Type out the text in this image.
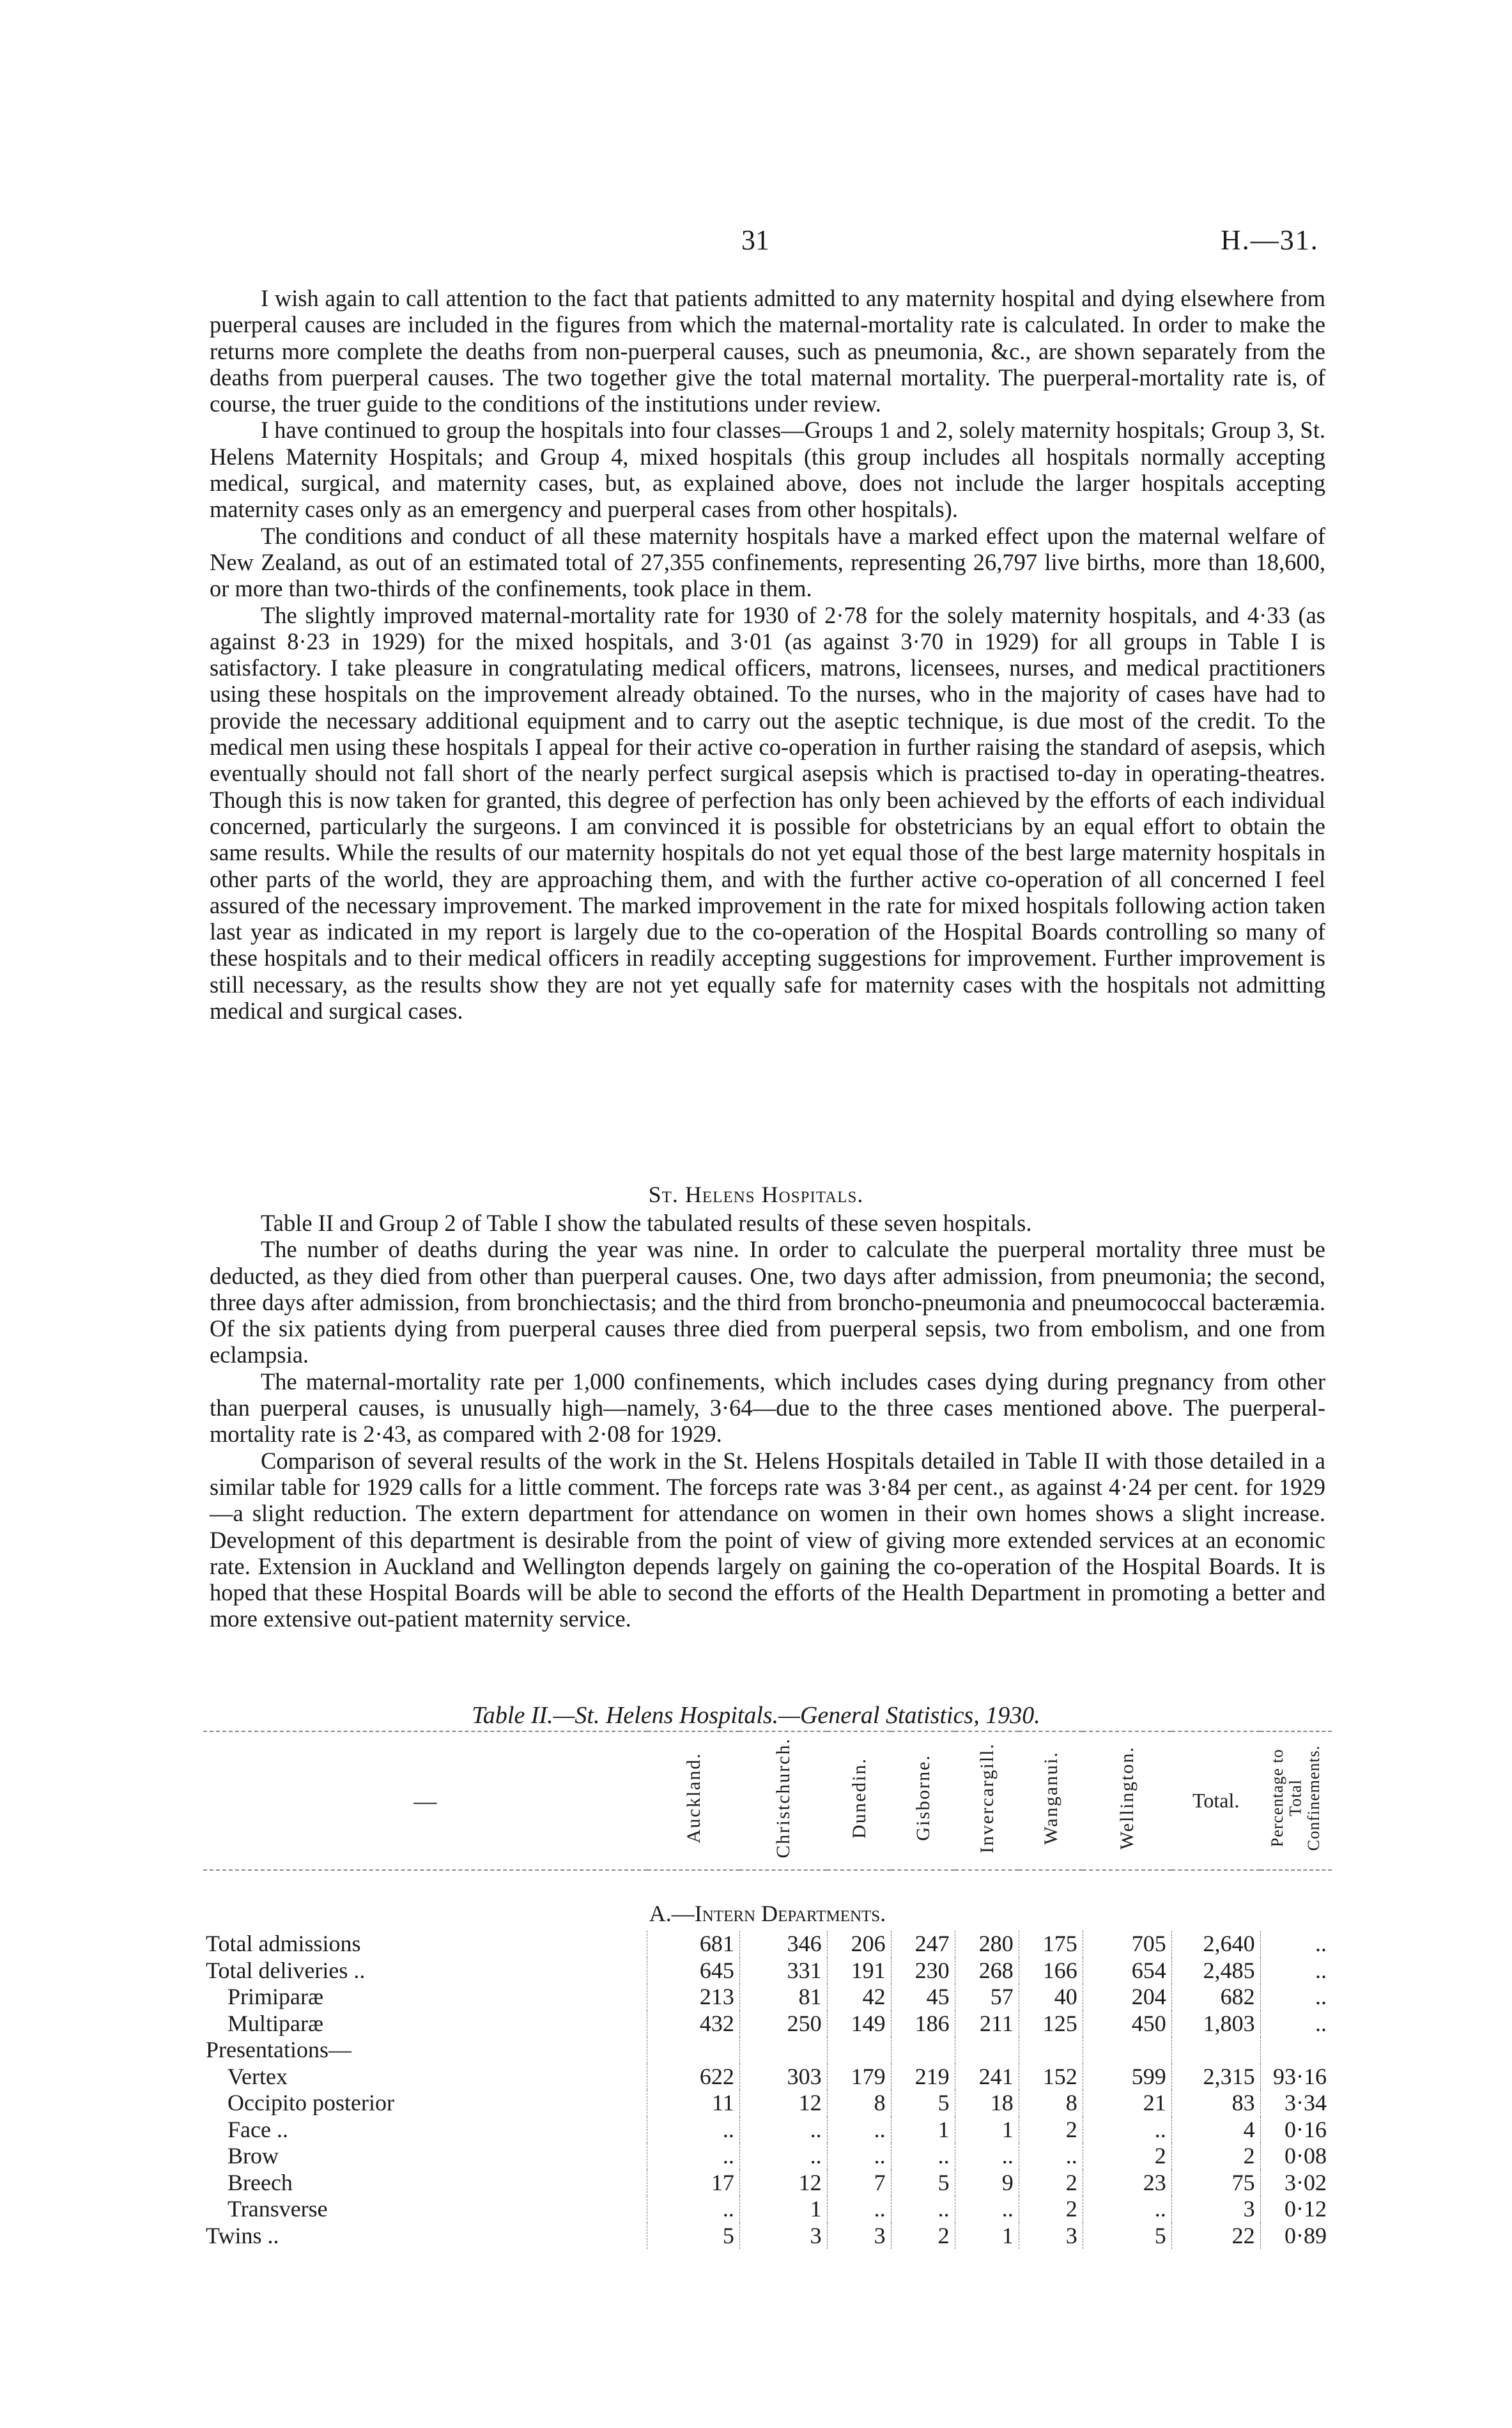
31	H.—31.

I wish again to call attention to the fact that patients admitted to any maternity hospital and dying elsewhere from puerperal causes are included in the figures from which the maternal-mortality rate is calculated. In order to make the returns more complete the deaths from non-puerperal causes, such as pneumonia, &c., are shown separately from the deaths from puerperal causes. The two together give the total maternal mortality. The puerperal-mortality rate is, of course, the truer guide to the conditions of the institutions under review.

I have continued to group the hospitals into four classes—Groups 1 and 2, solely maternity hospitals; Group 3, St. Helens Maternity Hospitals; and Group 4, mixed hospitals (this group includes all hospitals normally accepting medical, surgical, and maternity cases, but, as explained above, does not include the larger hospitals accepting maternity cases only as an emergency and puerperal cases from other hospitals).

The conditions and conduct of all these maternity hospitals have a marked effect upon the maternal welfare of New Zealand, as out of an estimated total of 27,355 confinements, representing 26,797 live births, more than 18,600, or more than two-thirds of the confinements, took place in them.

The slightly improved maternal-mortality rate for 1930 of 2·78 for the solely maternity hospitals, and 4·33 (as against 8·23 in 1929) for the mixed hospitals, and 3·01 (as against 3·70 in 1929) for all groups in Table I is satisfactory. I take pleasure in congratulating medical officers, matrons, licensees, nurses, and medical practitioners using these hospitals on the improvement already obtained. To the nurses, who in the majority of cases have had to provide the necessary additional equipment and to carry out the aseptic technique, is due most of the credit. To the medical men using these hospitals I appeal for their active co-operation in further raising the standard of asepsis, which eventually should not fall short of the nearly perfect surgical asepsis which is practised to-day in operating-theatres. Though this is now taken for granted, this degree of perfection has only been achieved by the efforts of each individual concerned, particularly the surgeons. I am convinced it is possible for obstetricians by an equal effort to obtain the same results. While the results of our maternity hospitals do not yet equal those of the best large maternity hospitals in other parts of the world, they are approaching them, and with the further active co-operation of all concerned I feel assured of the necessary improvement. The marked improvement in the rate for mixed hospitals following action taken last year as indicated in my report is largely due to the co-operation of the Hospital Boards controlling so many of these hospitals and to their medical officers in readily accepting suggestions for improvement. Further improvement is still necessary, as the results show they are not yet equally safe for maternity cases with the hospitals not admitting medical and surgical cases.

St. Helens Hospitals.

Table II and Group 2 of Table I show the tabulated results of these seven hospitals.

The number of deaths during the year was nine. In order to calculate the puerperal mortality three must be deducted, as they died from other than puerperal causes. One, two days after admission, from pneumonia; the second, three days after admission, from bronchiectasis; and the third from broncho-pneumonia and pneumococcal bacteræmia. Of the six patients dying from puerperal causes three died from puerperal sepsis, two from embolism, and one from eclampsia.

The maternal-mortality rate per 1,000 confinements, which includes cases dying during pregnancy from other than puerperal causes, is unusually high—namely, 3·64—due to the three cases mentioned above. The puerperal-mortality rate is 2·43, as compared with 2·08 for 1929.

Comparison of several results of the work in the St. Helens Hospitals detailed in Table II with those detailed in a similar table for 1929 calls for a little comment. The forceps rate was 3·84 per cent., as against 4·24 per cent. for 1929—a slight reduction. The extern department for attendance on women in their own homes shows a slight increase. Development of this department is desirable from the point of view of giving more extended services at an economic rate. Extension in Auckland and Wellington depends largely on gaining the co-operation of the Hospital Boards. It is hoped that these Hospital Boards will be able to second the efforts of the Health Department in promoting a better and more extensive out-patient maternity service.

Table II.—St. Helens Hospitals.—General Statistics, 1930.
—	Auckland.	Christchurch.	Dunedin.	Gisborne.	Invercargill.	Wanganui.	Wellington.	Total.	Percentage to Total Confinements.
A.—Intern Departments.									
Total admissions	681	346	206	247	280	175	705	2,640	..
Total deliveries ..	645	331	191	230	268	166	654	2,485	..
Primiparæ	213	81	42	45	57	40	204	682	..
Multiparæ	432	250	149	186	211	125	450	1,803	..
Presentations—									
Vertex	622	303	179	219	241	152	599	2,315	93·16
Occipito posterior	11	12	8	5	18	8	21	83	3·34
Face ..	..	..	..	1	1	2	..	4	0·16
Brow	..	..	..	..	..	..	2	2	0·08
Breech	17	12	7	5	9	2	23	75	3·02
Transverse	..	1	..	..	..	2	..	3	0·12
Twins ..	5	3	3	2	1	3	5	22	0·89
